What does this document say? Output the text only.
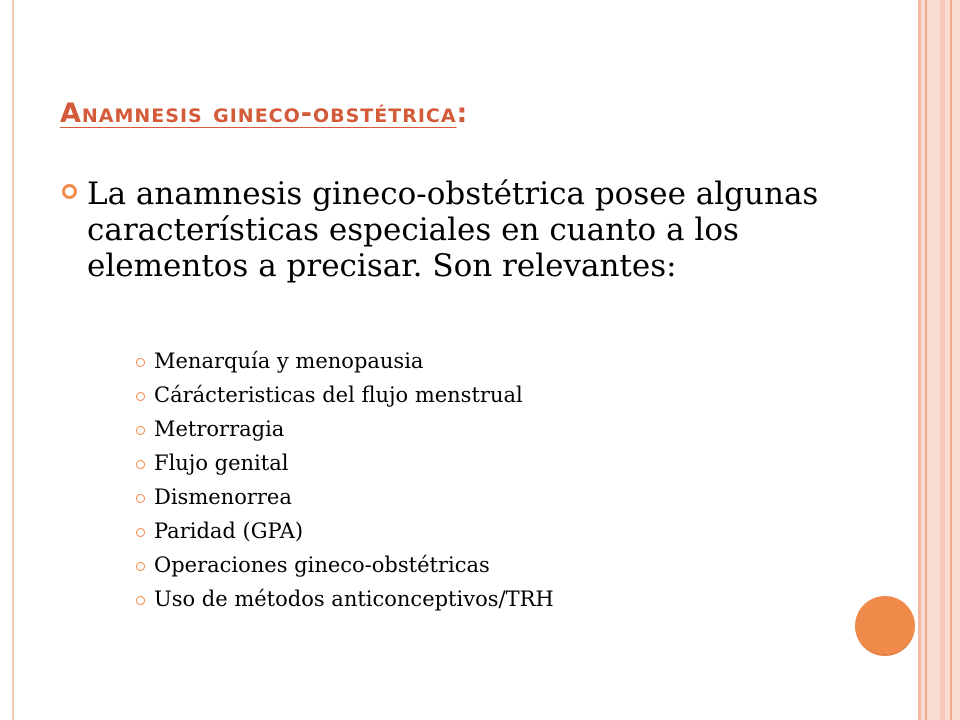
Anamnesis gineco-obstétrica:

La anamnesis gineco-obstétrica posee algunas características especiales en cuanto a los elementos a precisar. Son relevantes:

Menarquía y menopausia
Cárácteristicas del flujo menstrual
Metrorragia
Flujo genital
Dismenorrea
Paridad (GPA)
Operaciones gineco-obstétricas
Uso de métodos anticonceptivos/TRH
